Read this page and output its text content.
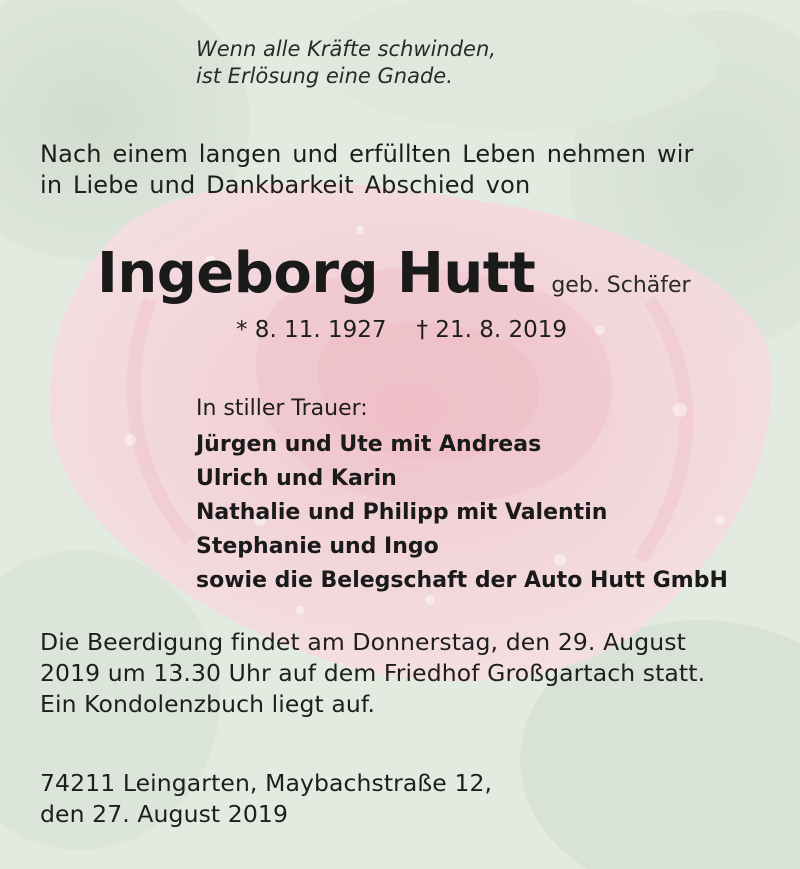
Wenn alle Kräfte schwinden,
ist Erlösung eine Gnade.
Nach einem langen und erfüllten Leben nehmen wir
in Liebe und Dankbarkeit Abschied von
Ingeborg Hutt geb. Schäfer
* 8. 11. 1927 † 21. 8. 2019
In stiller Trauer:
Jürgen und Ute mit Andreas
Ulrich und Karin
Nathalie und Philipp mit Valentin
Stephanie und Ingo
sowie die Belegschaft der Auto Hutt GmbH
Die Beerdigung findet am Donnerstag, den 29. August
2019 um 13.30 Uhr auf dem Friedhof Großgartach statt.
Ein Kondolenzbuch liegt auf.
74211 Leingarten, Maybachstraße 12,
den 27. August 2019
